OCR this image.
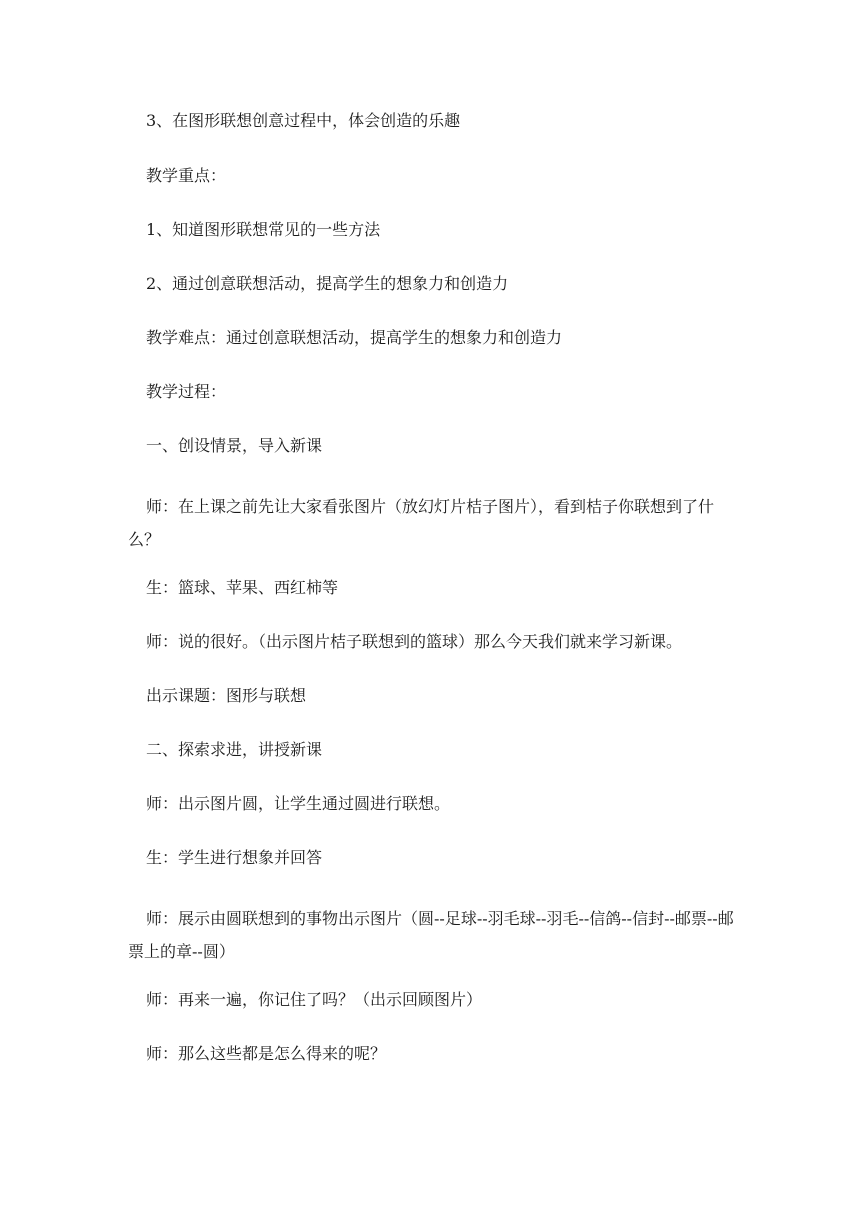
3、在图形联想创意过程中，体会创造的乐趣
教学重点：
1、知道图形联想常见的一些方法
2、通过创意联想活动，提高学生的想象力和创造力
教学难点：通过创意联想活动，提高学生的想象力和创造力
教学过程：
一、创设情景，导入新课
师：在上课之前先让大家看张图片（放幻灯片桔子图片），看到桔子你联想到了什么？
生：篮球、苹果、西红柿等
师：说的很好。（出示图片桔子联想到的篮球）那么今天我们就来学习新课。
出示课题：图形与联想
二、探索求进，讲授新课
师：出示图片圆，让学生通过圆进行联想。
生：学生进行想象并回答
师：展示由圆联想到的事物出示图片（圆--足球--羽毛球--羽毛--信鸽--信封--邮票--邮票上的章--圆）
师：再来一遍，你记住了吗？（出示回顾图片）
师：那么这些都是怎么得来的呢？
